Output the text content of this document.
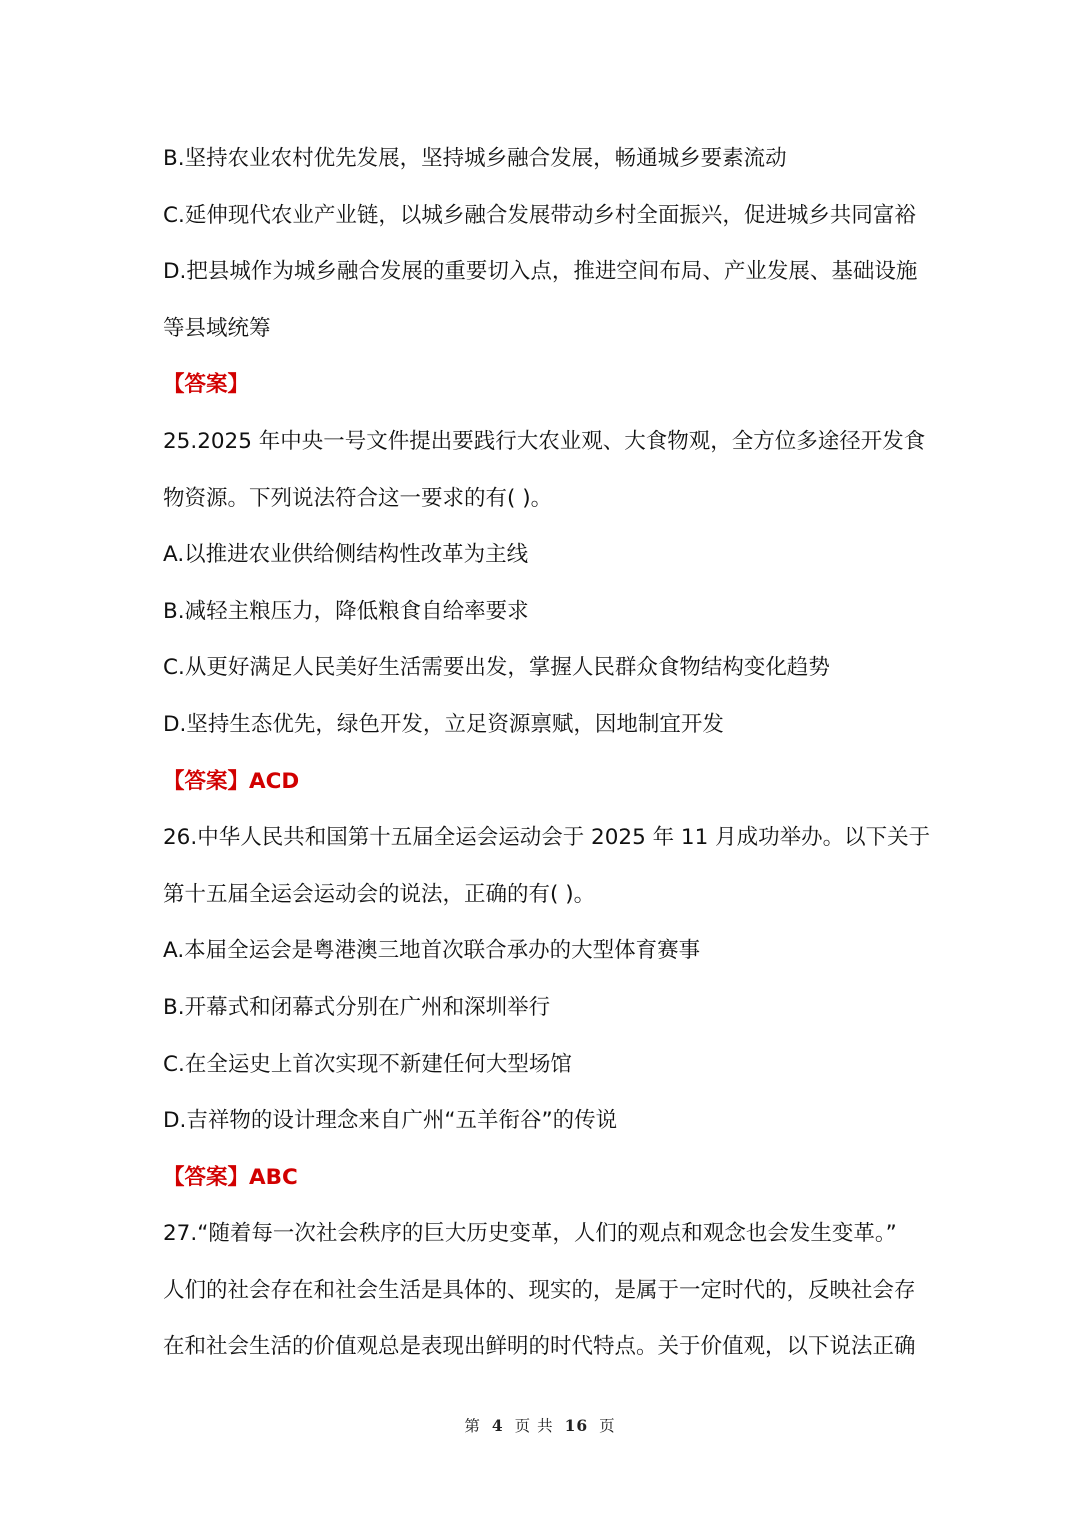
B.坚持农业农村优先发展，坚持城乡融合发展，畅通城乡要素流动
C.延伸现代农业产业链，以城乡融合发展带动乡村全面振兴，促进城乡共同富裕
D.把县城作为城乡融合发展的重要切入点，推进空间布局、产业发展、基础设施
等县域统筹
【答案】
25.2025 年中央一号文件提出要践行大农业观、大食物观，全方位多途径开发食
物资源。下列说法符合这一要求的有( )。
A.以推进农业供给侧结构性改革为主线
B.减轻主粮压力，降低粮食自给率要求
C.从更好满足人民美好生活需要出发，掌握人民群众食物结构变化趋势
D.坚持生态优先，绿色开发，立足资源禀赋，因地制宜开发
【答案】ACD
26.中华人民共和国第十五届全运会运动会于 2025 年 11 月成功举办。以下关于
第十五届全运会运动会的说法，正确的有( )。
A.本届全运会是粤港澳三地首次联合承办的大型体育赛事
B.开幕式和闭幕式分别在广州和深圳举行
C.在全运史上首次实现不新建任何大型场馆
D.吉祥物的设计理念来自广州“五羊衔谷”的传说
【答案】ABC
27.“随着每一次社会秩序的巨大历史变革，人们的观点和观念也会发生变革。”
人们的社会存在和社会生活是具体的、现实的，是属于一定时代的，反映社会存
在和社会生活的价值观总是表现出鲜明的时代特点。关于价值观，以下说法正确
第 4 页 共 16 页
